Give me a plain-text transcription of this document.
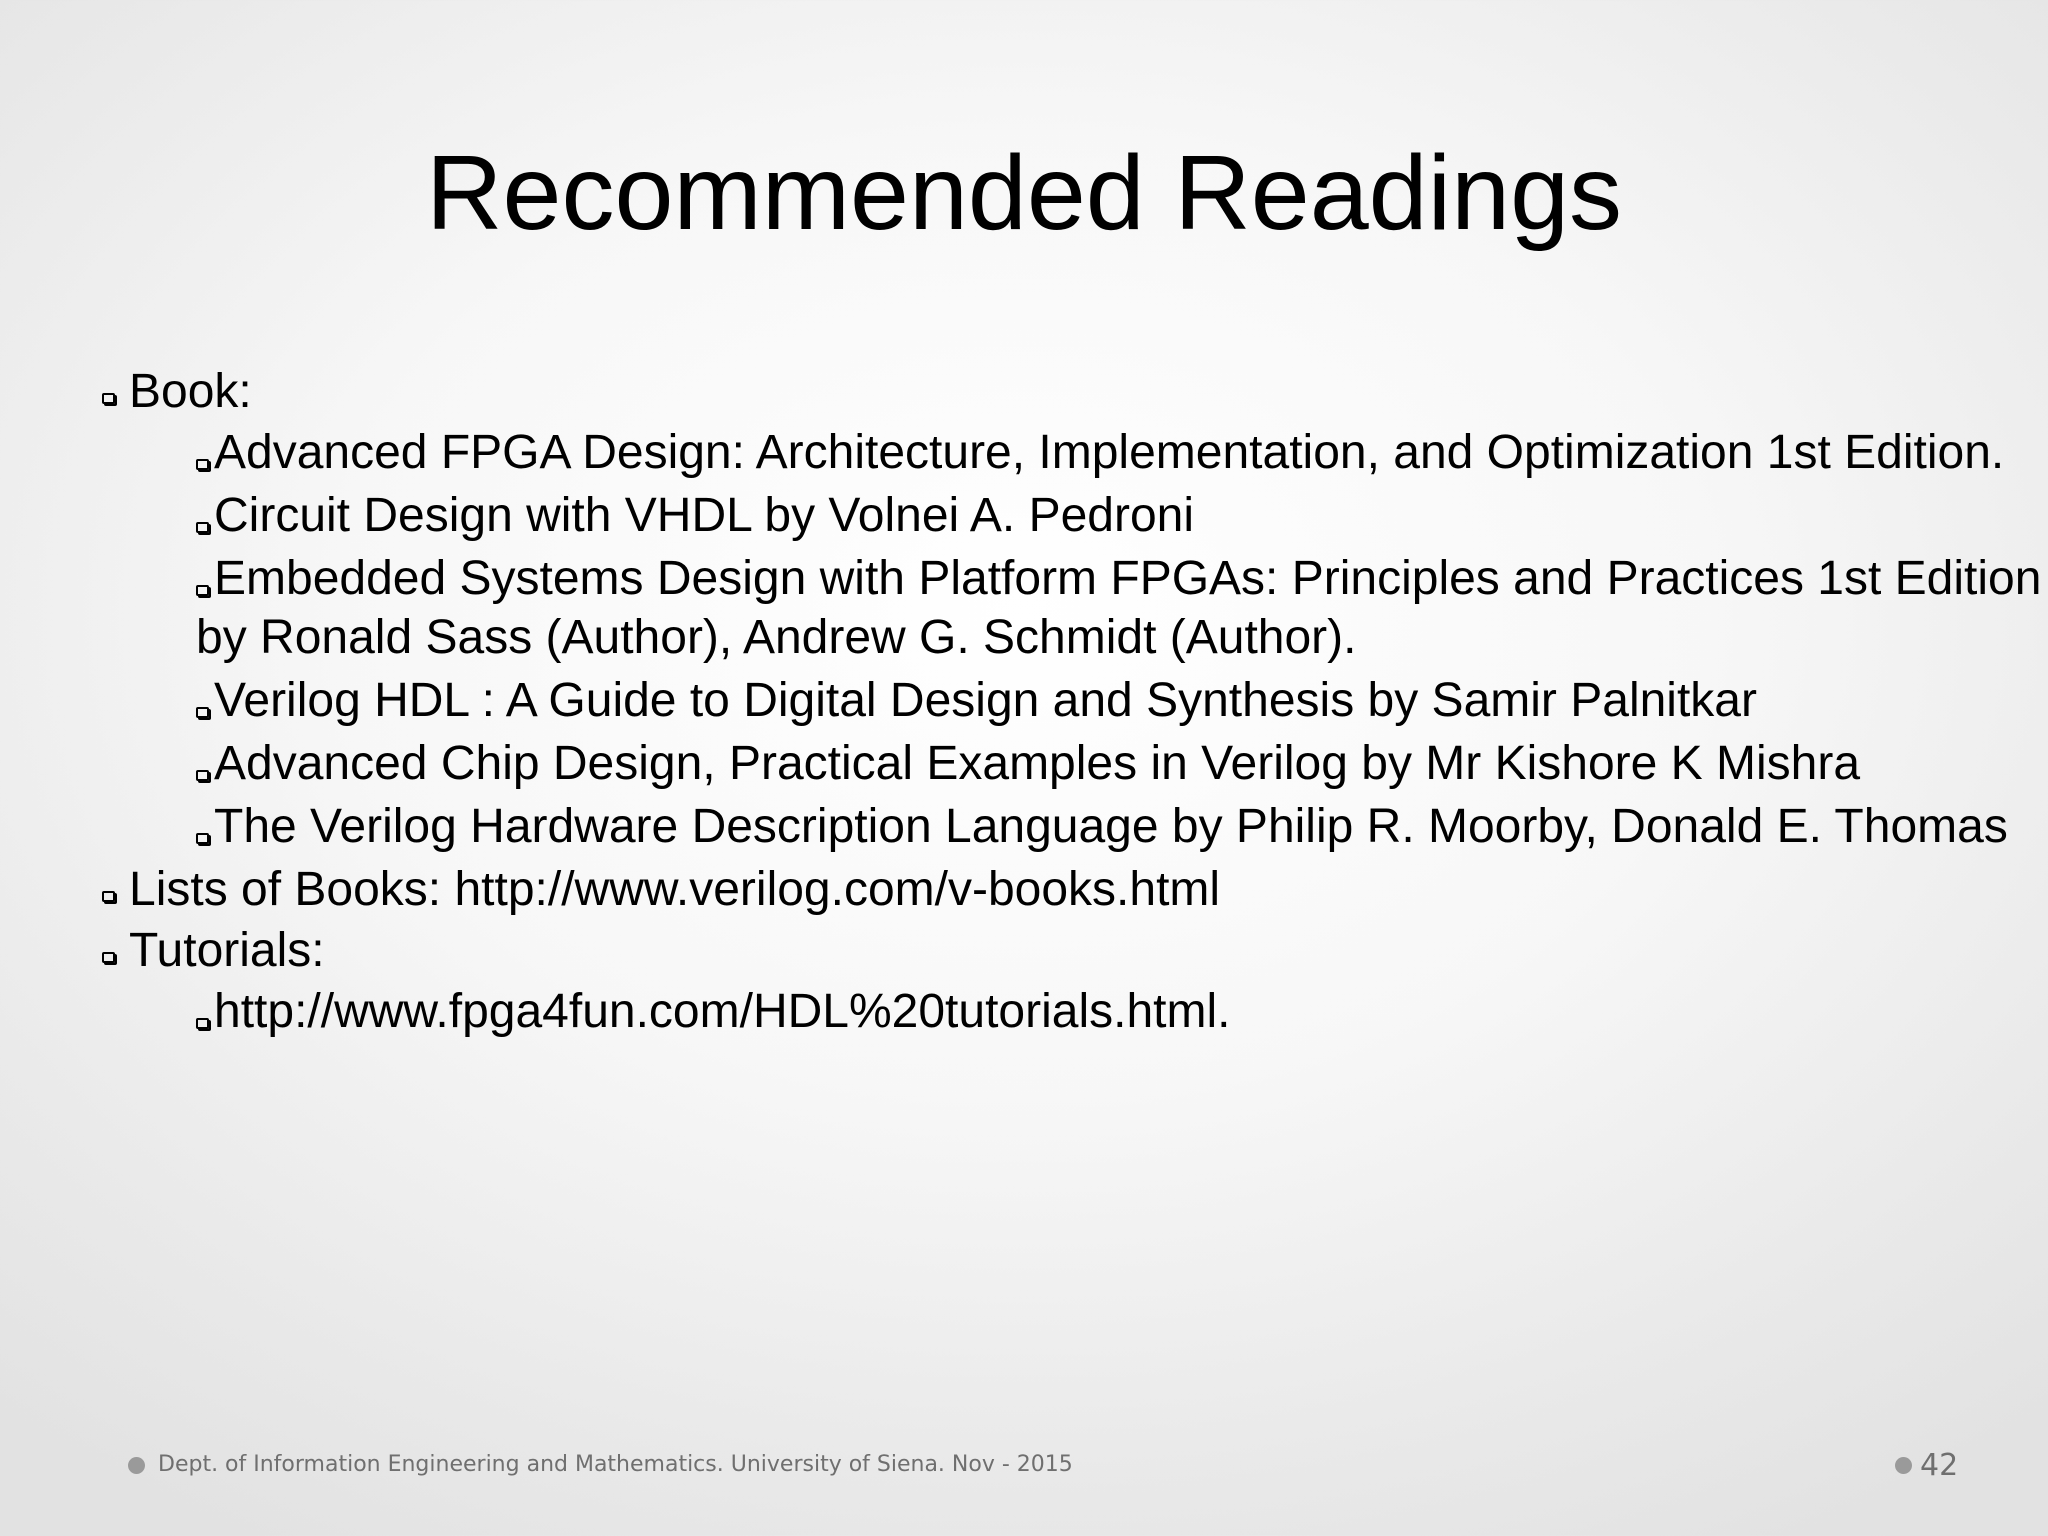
Recommended Readings
Book:
Advanced FPGA Design: Architecture, Implementation, and Optimization 1st Edition.
Circuit Design with VHDL by Volnei A. Pedroni
Embedded Systems Design with Platform FPGAs: Principles and Practices 1st Edition by Ronald Sass (Author), Andrew G. Schmidt (Author).
Verilog HDL : A Guide to Digital Design and Synthesis by Samir Palnitkar
Advanced Chip Design, Practical Examples in Verilog by Mr Kishore K Mishra
The Verilog Hardware Description Language by Philip R. Moorby, Donald E. Thomas
Lists of Books: http://www.verilog.com/v-books.html
Tutorials:
http://www.fpga4fun.com/HDL%20tutorials.html.
Dept. of Information Engineering and Mathematics. University of Siena. Nov - 2015	42
